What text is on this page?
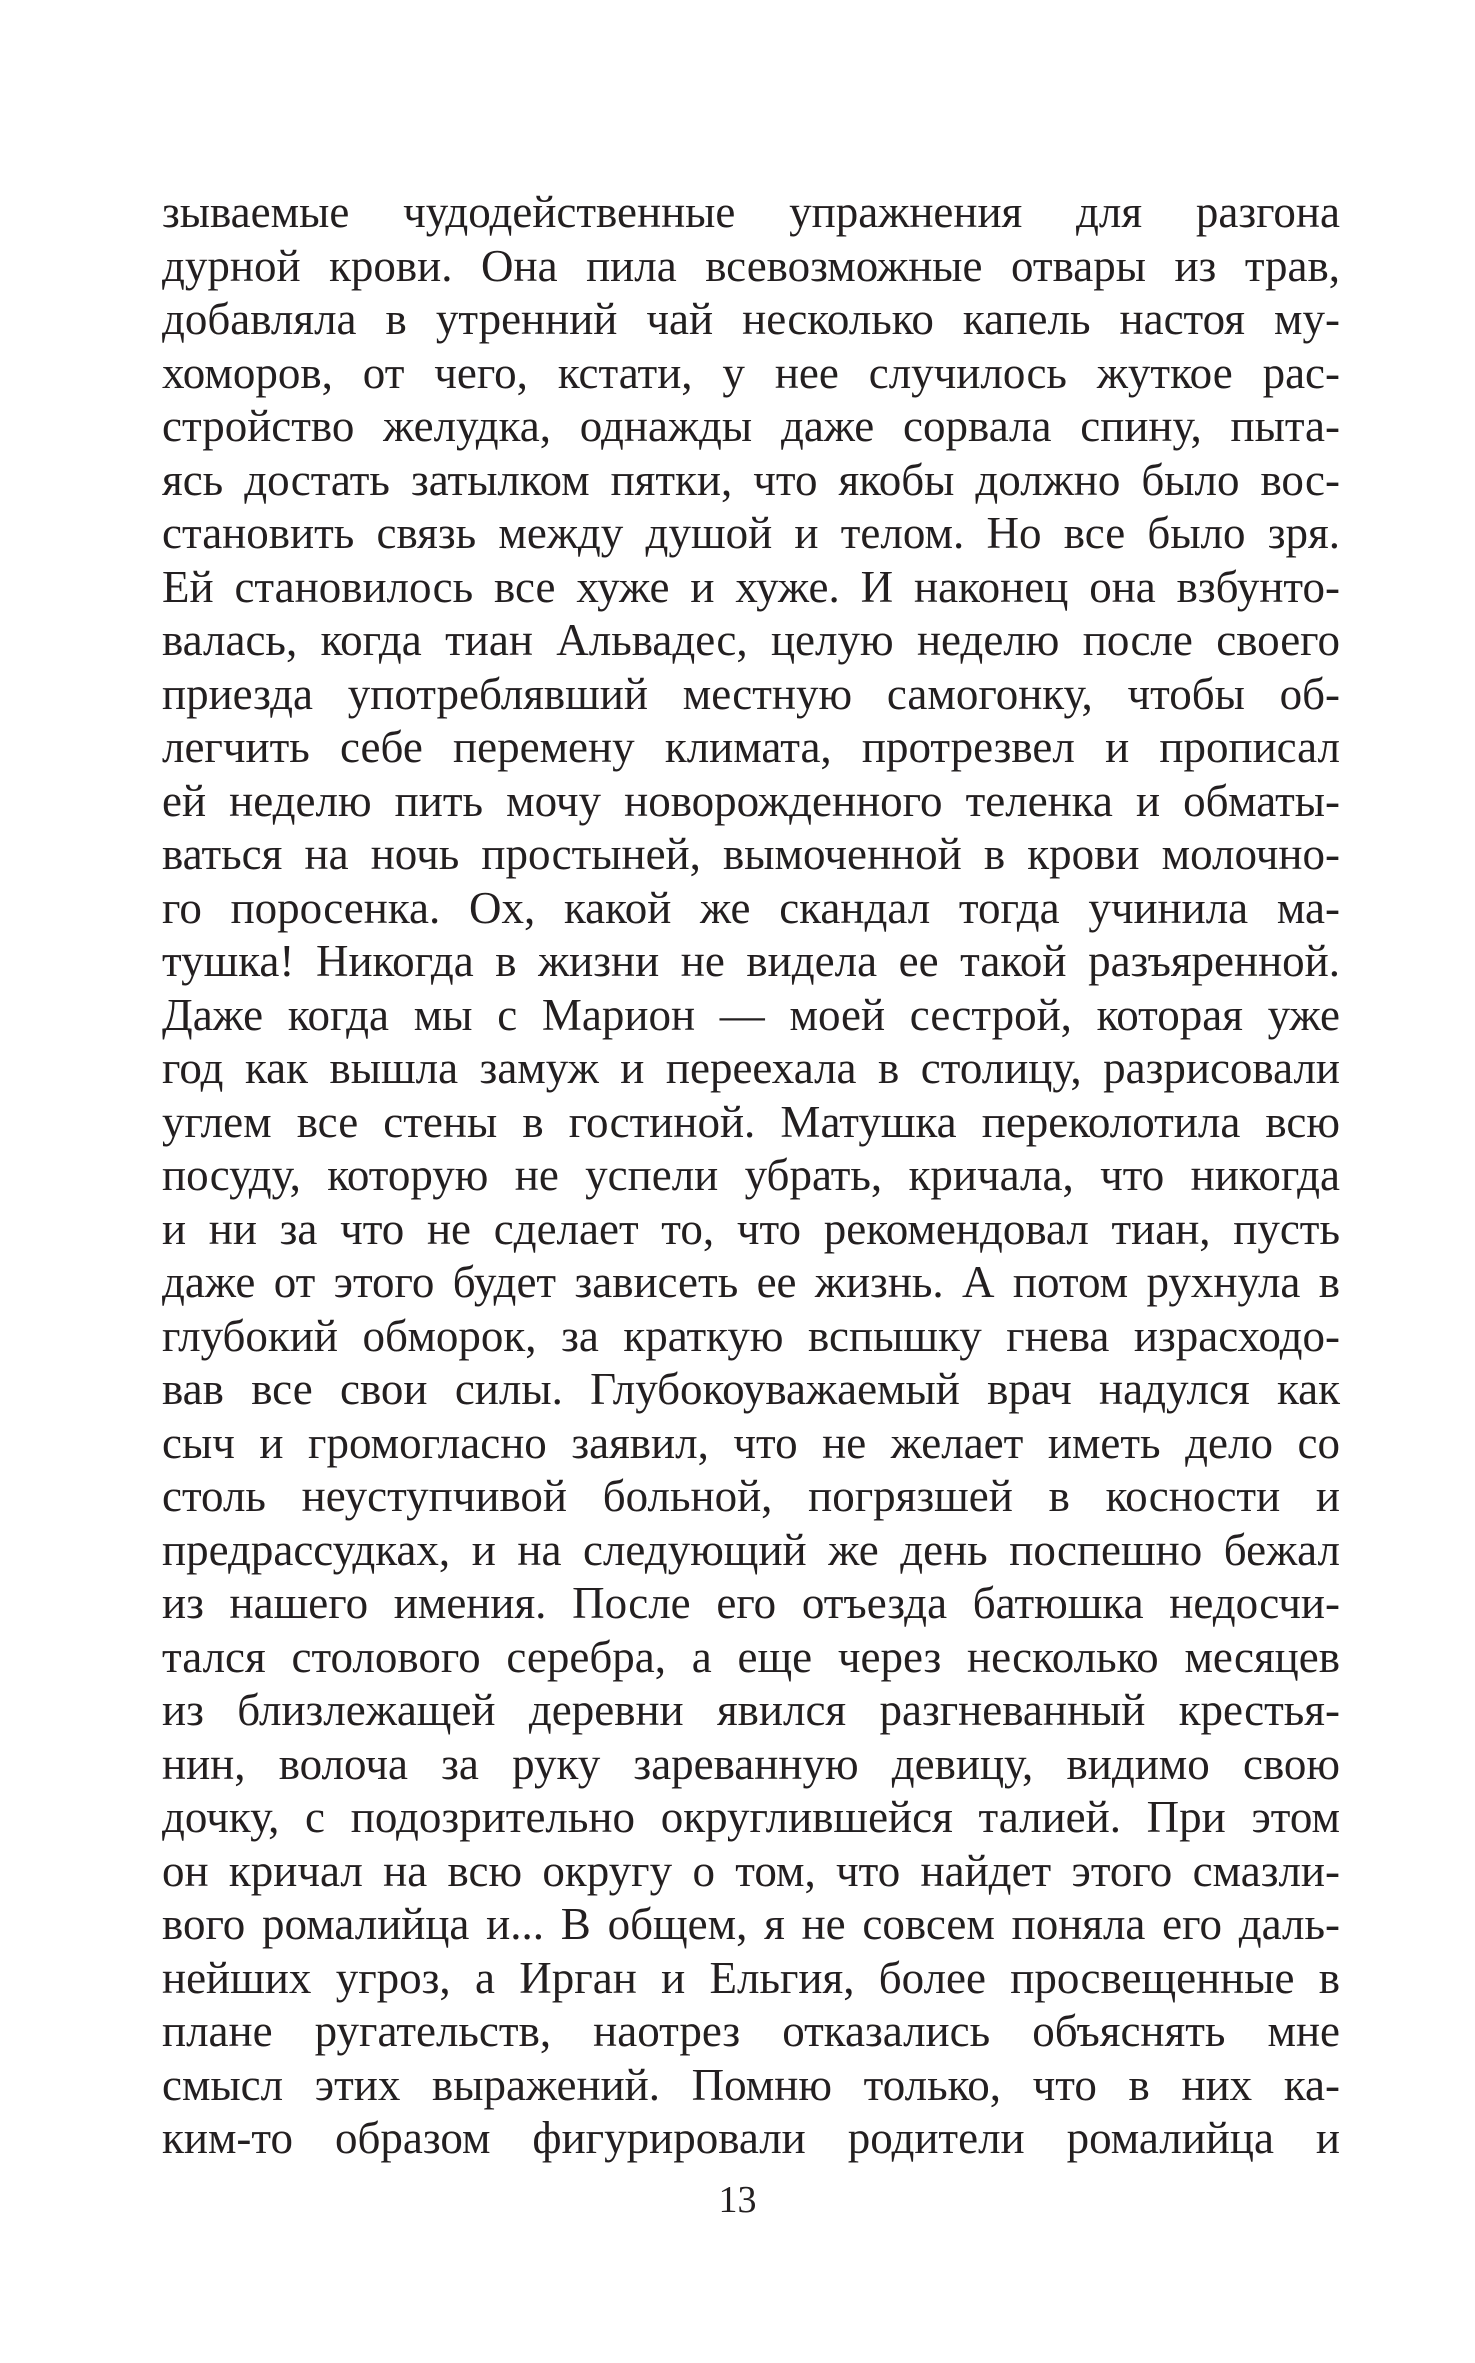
зываемые чудодейственные упражнения для разгона
дурной крови. Она пила всевозможные отвары из трав,
добавляла в утренний чай несколько капель настоя му-
хоморов, от чего, кстати, у нее случилось жуткое рас-
стройство желудка, однажды даже сорвала спину, пыта-
ясь достать затылком пятки, что якобы должно было вос-
становить связь между душой и телом. Но все было зря.
Ей становилось все хуже и хуже. И наконец она взбунто-
валась, когда тиан Альвадес, целую неделю после своего
приезда употреблявший местную самогонку, чтобы об-
легчить себе перемену климата, протрезвел и прописал
ей неделю пить мочу новорожденного теленка и обматы-
ваться на ночь простыней, вымоченной в крови молочно-
го поросенка. Ох, какой же скандал тогда учинила ма-
тушка! Никогда в жизни не видела ее такой разъяренной.
Даже когда мы с Марион — моей сестрой, которая уже
год как вышла замуж и переехала в столицу, разрисовали
углем все стены в гостиной. Матушка переколотила всю
посуду, которую не успели убрать, кричала, что никогда
и ни за что не сделает то, что рекомендовал тиан, пусть
даже от этого будет зависеть ее жизнь. А потом рухнула в
глубокий обморок, за краткую вспышку гнева израсходо-
вав все свои силы. Глубокоуважаемый врач надулся как
сыч и громогласно заявил, что не желает иметь дело со
столь неуступчивой больной, погрязшей в косности и
предрассудках, и на следующий же день поспешно бежал
из нашего имения. После его отъезда батюшка недосчи-
тался столового серебра, а еще через несколько месяцев
из близлежащей деревни явился разгневанный крестья-
нин, волоча за руку зареванную девицу, видимо свою
дочку, с подозрительно округлившейся талией. При этом
он кричал на всю округу о том, что найдет этого смазли-
вого ромалийца и... В общем, я не совсем поняла его даль-
нейших угроз, а Ирган и Ельгия, более просвещенные в
плане ругательств, наотрез отказались объяснять мне
смысл этих выражений. Помню только, что в них ка-
ким-то образом фигурировали родители ромалийца и
13
